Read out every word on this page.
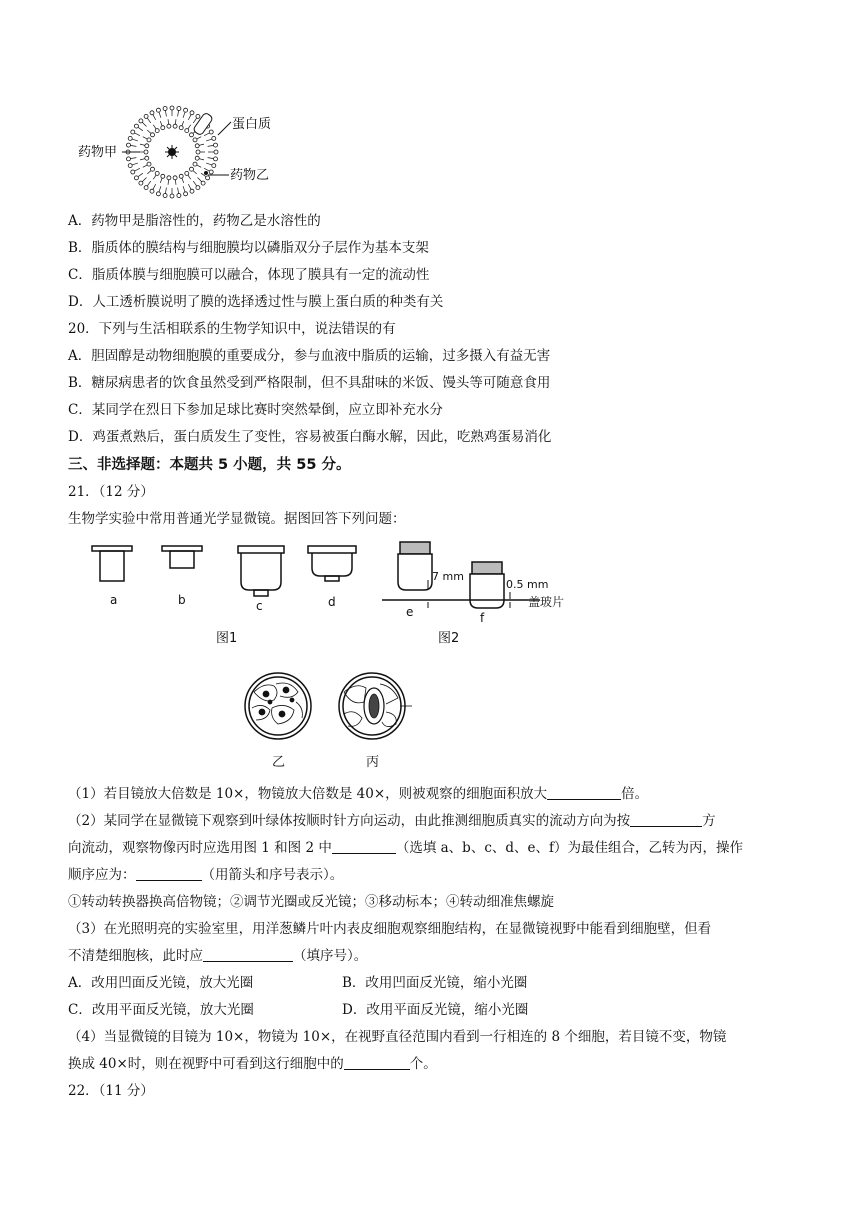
药物甲
蛋白质
药物乙
A．药物甲是脂溶性的，药物乙是水溶性的
B．脂质体的膜结构与细胞膜均以磷脂双分子层作为基本支架
C．脂质体膜与细胞膜可以融合，体现了膜具有一定的流动性
D．人工透析膜说明了膜的选择透过性与膜上蛋白质的种类有关
20．下列与生活相联系的生物学知识中，说法错误的有
A．胆固醇是动物细胞膜的重要成分，参与血液中脂质的运输，过多摄入有益无害
B．糖尿病患者的饮食虽然受到严格限制，但不具甜味的米饭、馒头等可随意食用
C．某同学在烈日下参加足球比赛时突然晕倒，应立即补充水分
D．鸡蛋煮熟后，蛋白质发生了变性，容易被蛋白酶水解，因此，吃熟鸡蛋易消化
三、非选择题：本题共 5 小题，共 55 分。
21．（12 分）
生物学实验中常用普通光学显微镜。据图回答下列问题：
a	b	c	d
图1
7 mm
0.5 mm
盖玻片
e	f
图2
乙	丙
（1）若目镜放大倍数是 10×，物镜放大倍数是 40×，则被观察的细胞面积放大	倍。
（2）某同学在显微镜下观察到叶绿体按顺时针方向运动，由此推测细胞质真实的流动方向为按	方
向流动，观察物像丙时应选用图 1 和图 2 中	（选填 a、b、c、d、e、f）为最佳组合，乙转为丙，操作
顺序应为：	（用箭头和序号表示）。
①转动转换器换高倍物镜；②调节光圈或反光镜；③移动标本；④转动细准焦螺旋
（3）在光照明亮的实验室里，用洋葱鳞片叶内表皮细胞观察细胞结构，在显微镜视野中能看到细胞壁，但看
不清楚细胞核，此时应	（填序号）。
A．改用凹面反光镜，放大光圈	B．改用凹面反光镜，缩小光圈
C．改用平面反光镜，放大光圈	D．改用平面反光镜，缩小光圈
（4）当显微镜的目镜为 10×，物镜为 10×，在视野直径范围内看到一行相连的 8 个细胞，若目镜不变，物镜
换成 40×时，则在视野中可看到这行细胞中的	个。
22．（11 分）
